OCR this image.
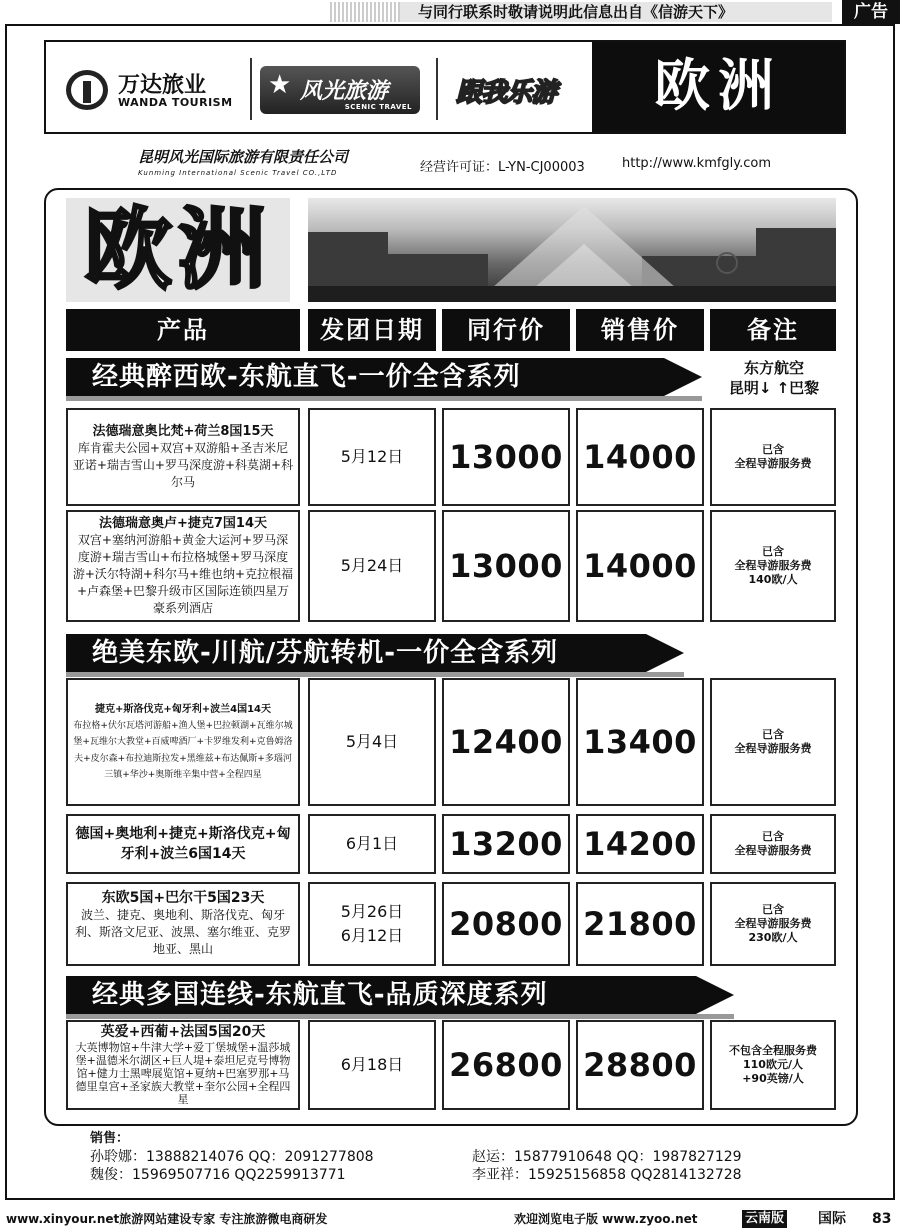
与同行联系时敬请说明此信息出自《信游天下》	广告
万达旅业
WANDA TOURISM
★ 风光旅游
SCENIC TRAVEL 跟我乐游	欧洲
昆明风光国际旅游有限责任公司
Kunming International Scenic Travel CO.,LTD	经营许可证：L-YN-CJ00003	http://www.kmfgly.com
欧洲
产品	发团日期	同行价	销售价	备注
经典醉西欧-东航直飞-一价全含系列	东方航空
昆明↓ ↑巴黎
法德瑞意奥比梵+荷兰8国15天
库肯霍夫公园+双宫+双游船+圣吉米尼亚诺+瑞吉雪山+罗马深度游+科莫湖+科尔马
5月12日 13000 14000	已含
全程导游服务费
法德瑞意奥卢+捷克7国14天
双宫+塞纳河游船+黄金大运河+罗马深度游+瑞吉雪山+布拉格城堡+罗马深度游+沃尔特湖+科尔马+维也纳+克拉根福+卢森堡+巴黎升级市区国际连锁四星万豪系列酒店
5月24日 13000 14000	已含
全程导游服务费
140欧/人
绝美东欧-川航/芬航转机-一价全含系列
捷克+斯洛伐克+匈牙利+波兰4国14天
布拉格+伏尔瓦塔河游船+渔人堡+巴拉顿湖+瓦维尔城堡+瓦维尔大教堂+百威啤酒厂+卡罗维发利+克鲁姆洛夫+皮尔森+布拉迪斯拉发+黑维兹+布达佩斯+多瑙河三镇+华沙+奥斯维辛集中营+全程四星
5月4日 12400 13400	已含
全程导游服务费
德国+奥地利+捷克+斯洛伐克+匈牙利+波兰6国14天
6月1日 13200 14200	已含
全程导游服务费
东欧5国+巴尔干5国23天
波兰、捷克、奥地利、斯洛伐克、匈牙利、斯洛文尼亚、波黑、塞尔维亚、克罗地亚、黑山
5月26日
6月12日 20800 21800	已含
全程导游服务费
230欧/人
经典多国连线-东航直飞-品质深度系列
英爱+西葡+法国5国20天
大英博物馆+牛津大学+爱丁堡城堡+温莎城堡+温德米尔湖区+巨人堤+泰坦尼克号博物馆+健力士黑啤展览馆+夏纳+巴塞罗那+马德里皇宫+圣家族大教堂+奎尔公园+全程四星
6月18日 26800 28800	不包含全程服务费
110欧元/人
+90英镑/人
销售：
孙聆娜：13888214076 QQ：2091277808	赵运：15877910648 QQ：1987827129
魏俊：15969507716 QQ2259913771	李亚祥：15925156858 QQ2814132728
www.xinyour.net旅游网站建设专家 专注旅游微电商研发	欢迎浏览电子版 www.zyoo.net	云南版 国际 83
